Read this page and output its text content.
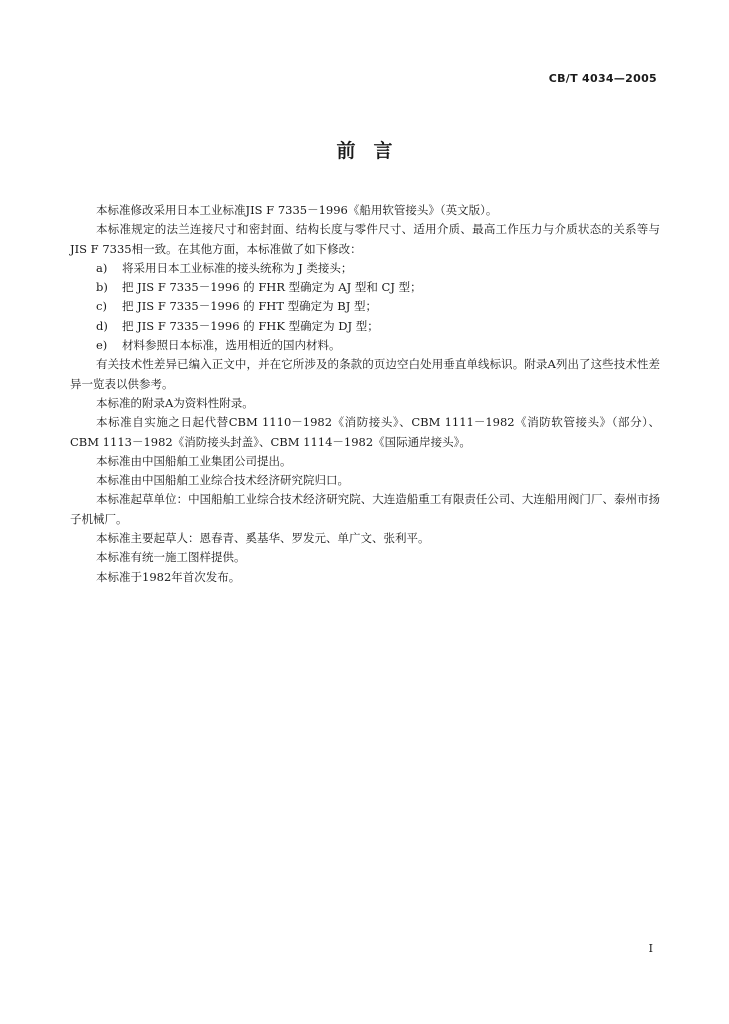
CB/T 4034—2005
前言

本标准修改采用日本工业标准JIS F 7335－1996《船用软管接头》（英文版）。

本标准规定的法兰连接尺寸和密封面、结构长度与零件尺寸、适用介质、最高工作压力与介质状态的关系等与JIS F 7335相一致。在其他方面，本标准做了如下修改：

a) 将采用日本工业标准的接头统称为 J 类接头；

b) 把 JIS F 7335－1996 的 FHR 型确定为 AJ 型和 CJ 型；

c) 把 JIS F 7335－1996 的 FHT 型确定为 BJ 型；

d) 把 JIS F 7335－1996 的 FHK 型确定为 DJ 型；

e) 材料参照日本标准，选用相近的国内材料。

有关技术性差异已编入正文中，并在它所涉及的条款的页边空白处用垂直单线标识。附录A列出了这些技术性差异一览表以供参考。

本标准的附录A为资料性附录。

本标准自实施之日起代替CBM 1110－1982《消防接头》、CBM 1111－1982《消防软管接头》（部分）、CBM 1113－1982《消防接头封盖》、CBM 1114－1982《国际通岸接头》。

本标准由中国船舶工业集团公司提出。

本标准由中国船舶工业综合技术经济研究院归口。

本标准起草单位：中国船舶工业综合技术经济研究院、大连造船重工有限责任公司、大连船用阀门厂、泰州市扬子机械厂。

本标准主要起草人：恩春青、奚基华、罗发元、单广文、张利平。

本标准有统一施工图样提供。

本标准于1982年首次发布。

I
